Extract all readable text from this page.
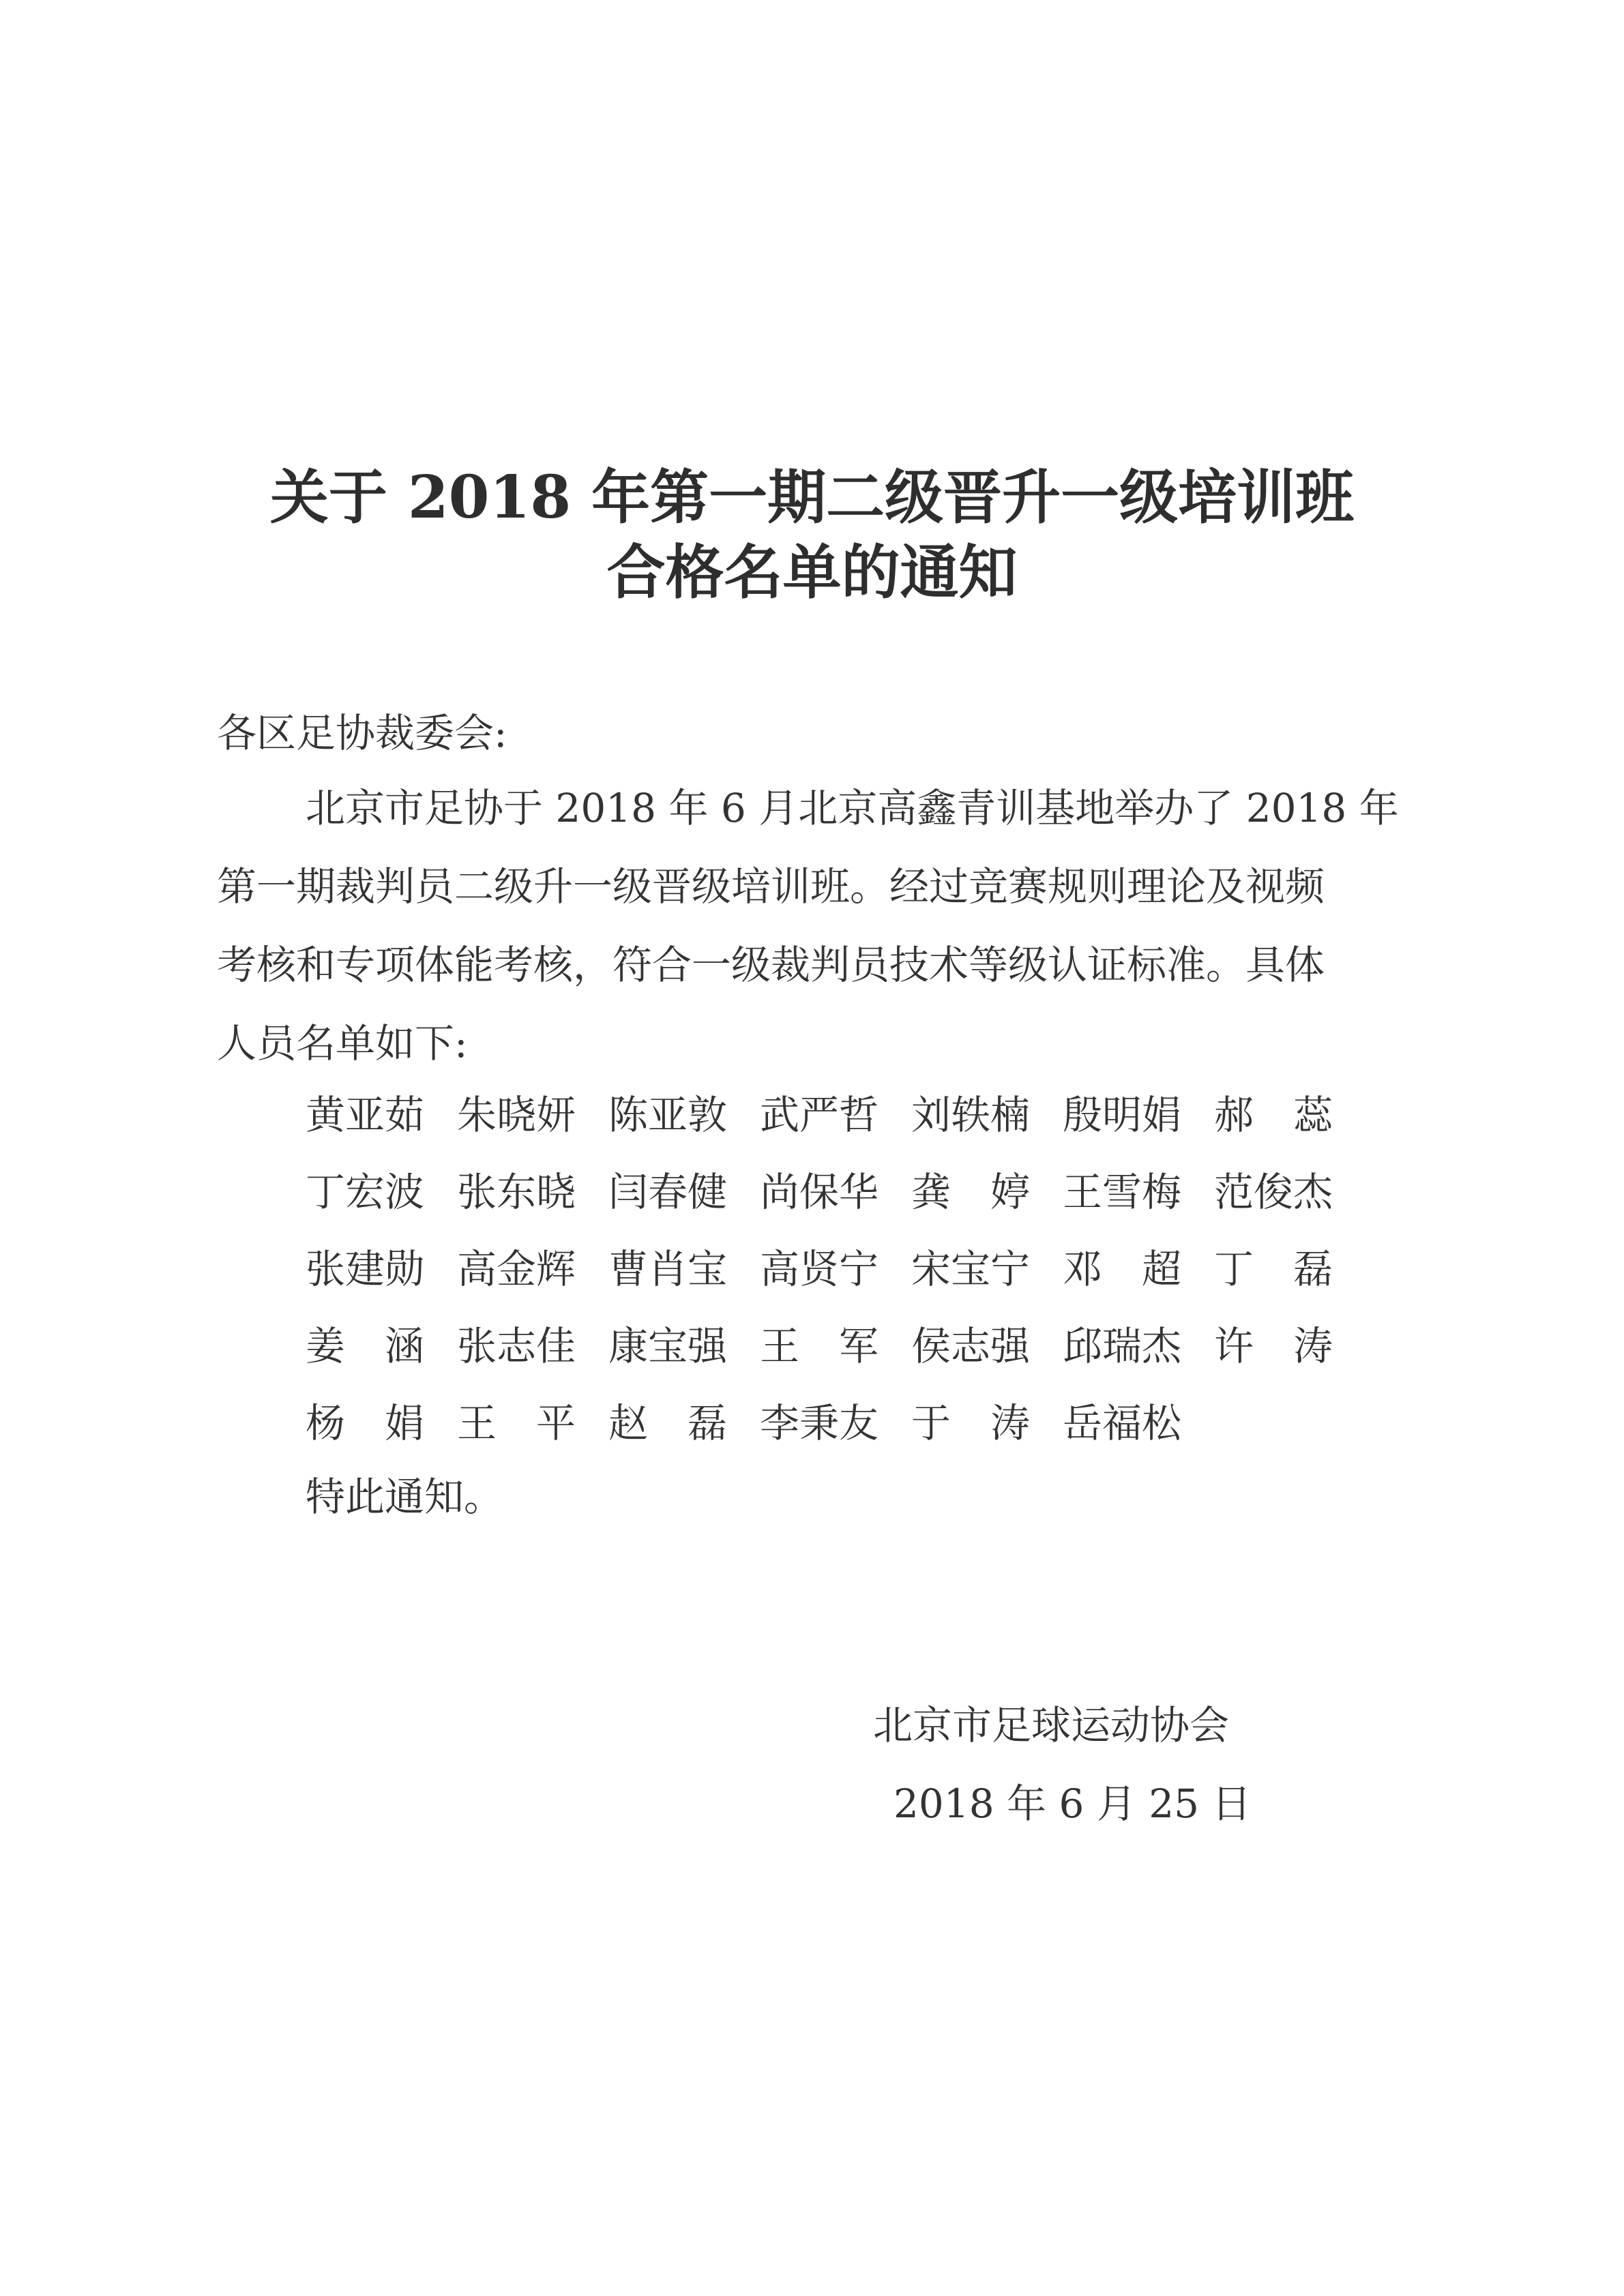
关于 2018 年第一期二级晋升一级培训班
合格名单的通知
各区足协裁委会:
北京市足协于 2018 年 6 月北京高鑫青训基地举办了 2018 年
第一期裁判员二级升一级晋级培训班。经过竞赛规则理论及视频
考核和专项体能考核，符合一级裁判员技术等级认证标准。具体
人员名单如下:
黄亚茹 朱晓妍 陈亚敦 武严哲 刘轶楠 殷明娟 郝　蕊
丁宏波 张东晓 闫春健 尚保华 龚　婷 王雪梅 范俊杰
张建勋 高金辉 曹肖宝 高贤宁 宋宝宁 邓　超 丁　磊
姜　涵 张志佳 康宝强 王　军 侯志强 邱瑞杰 许　涛
杨　娟 王　平 赵　磊 李秉友 于　涛 岳福松
特此通知。
北京市足球运动协会
2018 年 6 月 25 日
